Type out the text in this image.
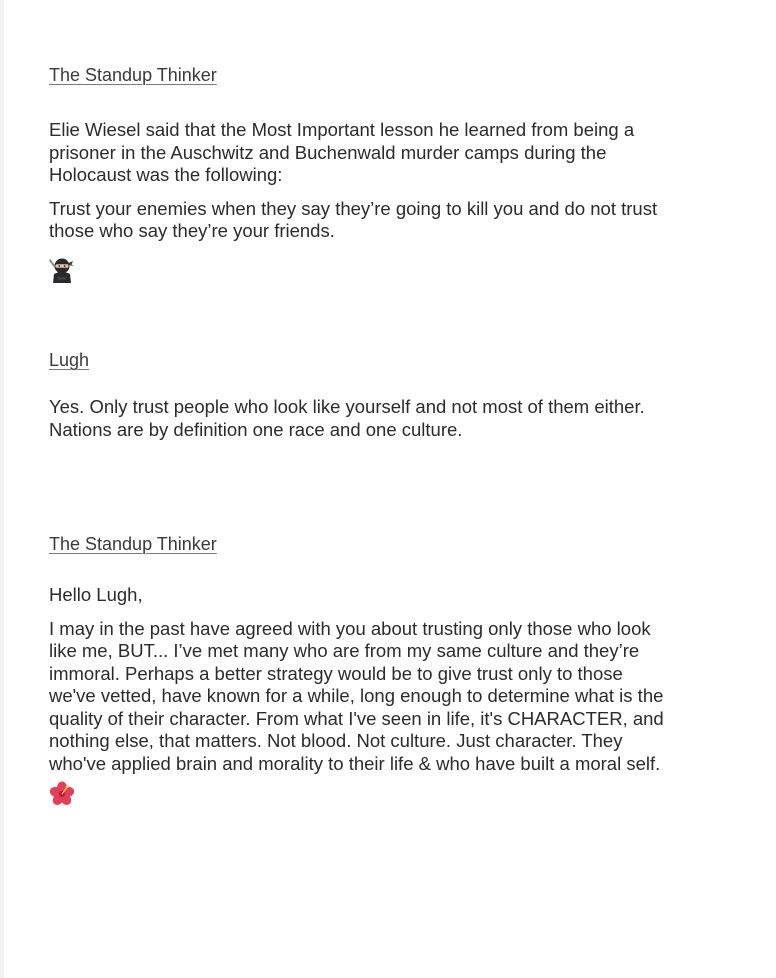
The Standup Thinker

Elie Wiesel said that the Most Important lesson he learned from being a prisoner in the Auschwitz and Buchenwald murder camps during the Holocaust was the following:

Trust your enemies when they say they’re going to kill you and do not trust those who say they’re your friends.

Lugh

Yes. Only trust people who look like yourself and not most of them either. Nations are by definition one race and one culture.

The Standup Thinker

Hello Lugh,

I may in the past have agreed with you about trusting only those who look like me, BUT... I’ve met many who are from my same culture and they’re immoral. Perhaps a better strategy would be to give trust only to those we've vetted, have known for a while, long enough to determine what is the quality of their character. From what I've seen in life, it's CHARACTER, and nothing else, that matters. Not blood. Not culture. Just character. They who've applied brain and morality to their life & who have built a moral self.
